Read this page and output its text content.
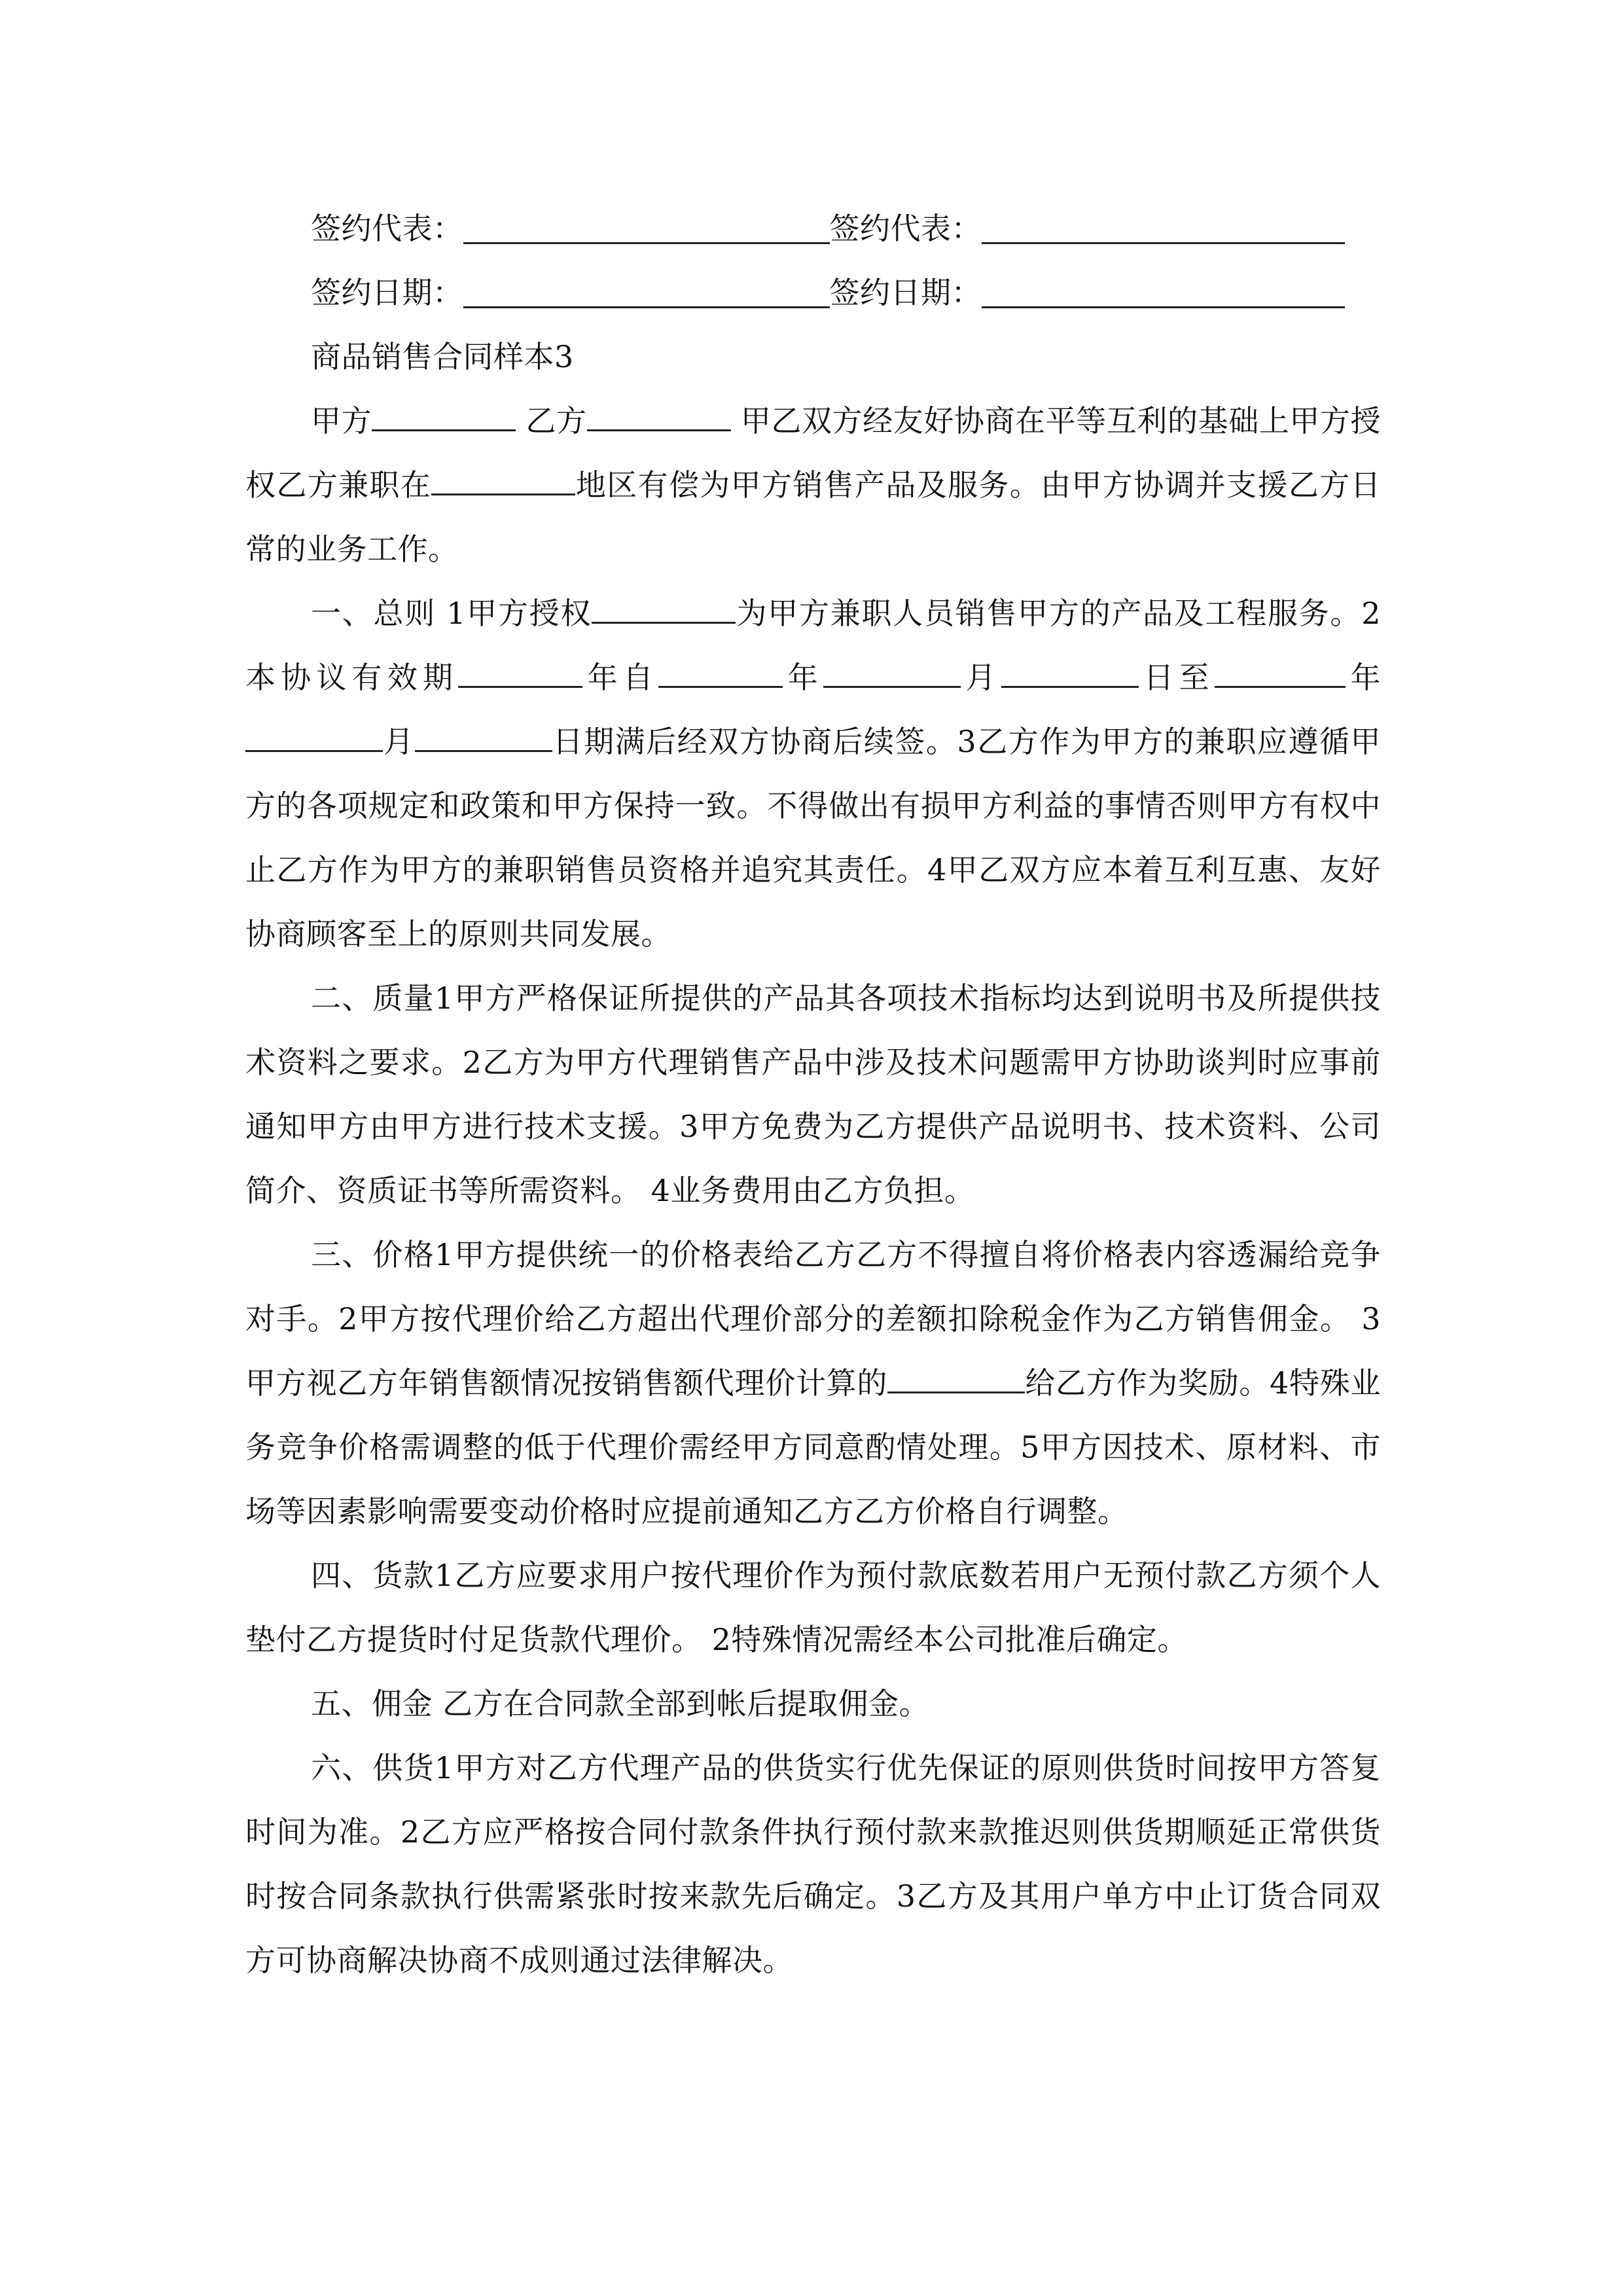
签约代表：	签约代表：
签约日期：	签约日期：
商品销售合同样本3

甲方	乙方	甲乙双方经友好协商在平等互利的基础上甲方授权乙方兼职在	地区有偿为甲方销售产品及服务。由甲方协调并支援乙方日常的业务工作。

一、总则 1甲方授权	为甲方兼职人员销售甲方的产品及工程服务。2本协议有效期	年自	年	月	日至	年月	日期满后经双方协商后续签。3乙方作为甲方的兼职应遵循甲方的各项规定和政策和甲方保持一致。不得做出有损甲方利益的事情否则甲方有权中止乙方作为甲方的兼职销售员资格并追究其责任。4甲乙双方应本着互利互惠、友好协商顾客至上的原则共同发展。

二、质量1甲方严格保证所提供的产品其各项技术指标均达到说明书及所提供技术资料之要求。2乙方为甲方代理销售产品中涉及技术问题需甲方协助谈判时应事前通知甲方由甲方进行技术支援。3甲方免费为乙方提供产品说明书、技术资料、公司简介、资质证书等所需资料。 4业务费用由乙方负担。

三、价格1甲方提供统一的价格表给乙方乙方不得擅自将价格表内容透漏给竞争对手。2甲方按代理价给乙方超出代理价部分的差额扣除税金作为乙方销售佣金。 3甲方视乙方年销售额情况按销售额代理价计算的	给乙方作为奖励。4特殊业务竞争价格需调整的低于代理价需经甲方同意酌情处理。5甲方因技术、原材料、市场等因素影响需要变动价格时应提前通知乙方乙方价格自行调整。

四、货款1乙方应要求用户按代理价作为预付款底数若用户无预付款乙方须个人垫付乙方提货时付足货款代理价。 2特殊情况需经本公司批准后确定。

五、佣金 乙方在合同款全部到帐后提取佣金。

六、供货1甲方对乙方代理产品的供货实行优先保证的原则供货时间按甲方答复时间为准。2乙方应严格按合同付款条件执行预付款来款推迟则供货期顺延正常供货时按合同条款执行供需紧张时按来款先后确定。3乙方及其用户单方中止订货合同双方可协商解决协商不成则通过法律解决。
